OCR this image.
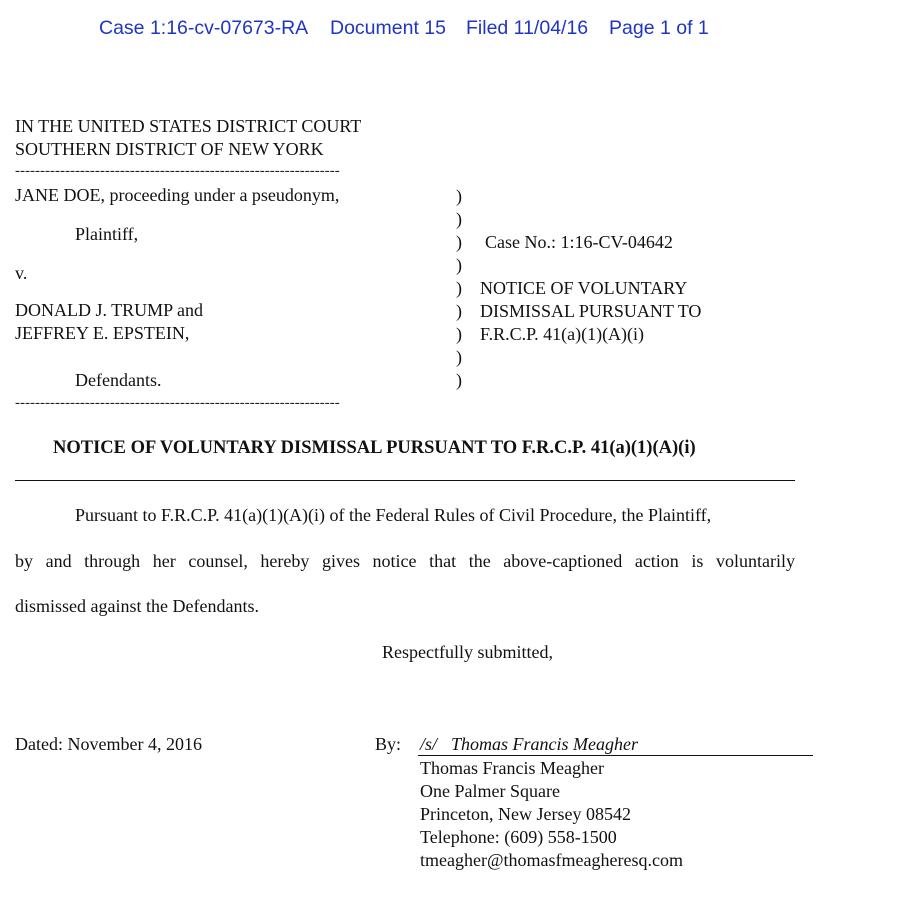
Case 1:16-cv-07673-RA Document 15 Filed 11/04/16 Page 1 of 1
IN THE UNITED STATES DISTRICT COURT
SOUTHERN DISTRICT OF NEW YORK
-----------------------------------------------------------------
-----------------------------------------------------------------
JANE DOE, proceeding under a pseudonym,
Plaintiff,
v.
DONALD J. TRUMP and
JEFFREY E. EPSTEIN,
Defendants.
)
)
)
)
)
)
)
)
)
Case No.: 1:16-CV-04642
NOTICE OF VOLUNTARY
DISMISSAL PURSUANT TO
F.R.C.P. 41(a)(1)(A)(i)
NOTICE OF VOLUNTARY DISMISSAL PURSUANT TO F.R.C.P. 41(a)(1)(A)(i)
Pursuant to F.R.C.P. 41(a)(1)(A)(i) of the Federal Rules of Civil Procedure, the Plaintiff,
by and through her counsel, hereby gives notice that the above-captioned action is voluntarily
dismissed against the Defendants.
Respectfully submitted,
Dated: November 4, 2016	By: /s/ Thomas Francis Meagher
Thomas Francis Meagher
One Palmer Square
Princeton, New Jersey 08542
Telephone: (609) 558-1500
tmeagher@thomasfmeagheresq.com
